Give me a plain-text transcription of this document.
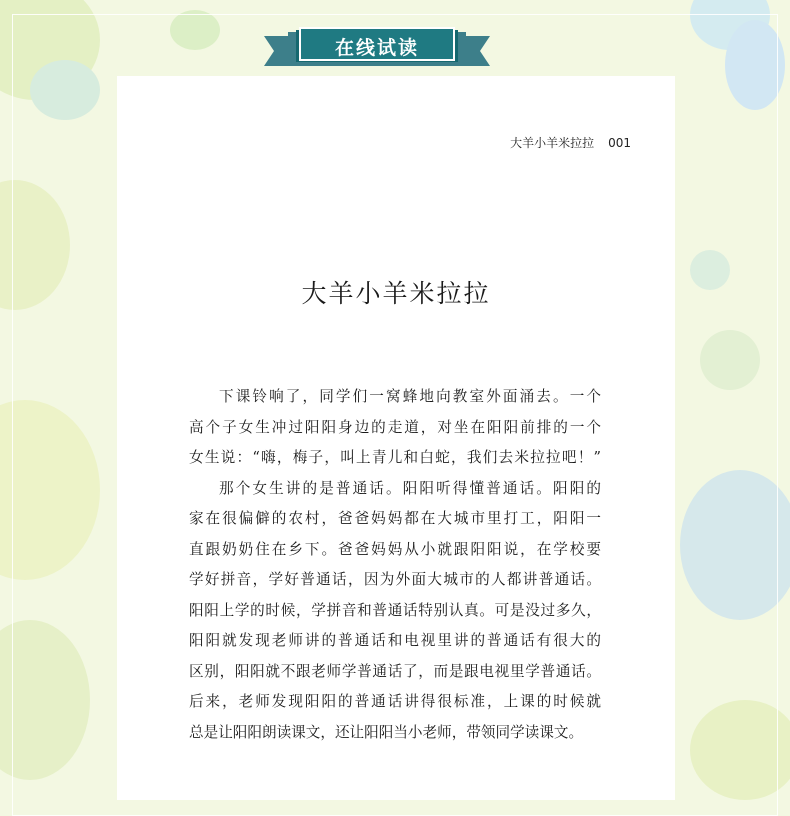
在线试读
大羊小羊米拉拉 001
大羊小羊米拉拉
下课铃响了，同学们一窝蜂地向教室外面涌去。一个
高个子女生冲过阳阳身边的走道，对坐在阳阳前排的一个
女生说：“嗨，梅子，叫上青儿和白蛇，我们去米拉拉吧！”
那个女生讲的是普通话。阳阳听得懂普通话。阳阳的
家在很偏僻的农村，爸爸妈妈都在大城市里打工，阳阳一
直跟奶奶住在乡下。爸爸妈妈从小就跟阳阳说，在学校要
学好拼音，学好普通话，因为外面大城市的人都讲普通话。
阳阳上学的时候，学拼音和普通话特别认真。可是没过多久，
阳阳就发现老师讲的普通话和电视里讲的普通话有很大的
区别，阳阳就不跟老师学普通话了，而是跟电视里学普通话。
后来，老师发现阳阳的普通话讲得很标准，上课的时候就
总是让阳阳朗读课文，还让阳阳当小老师，带领同学读课文。
